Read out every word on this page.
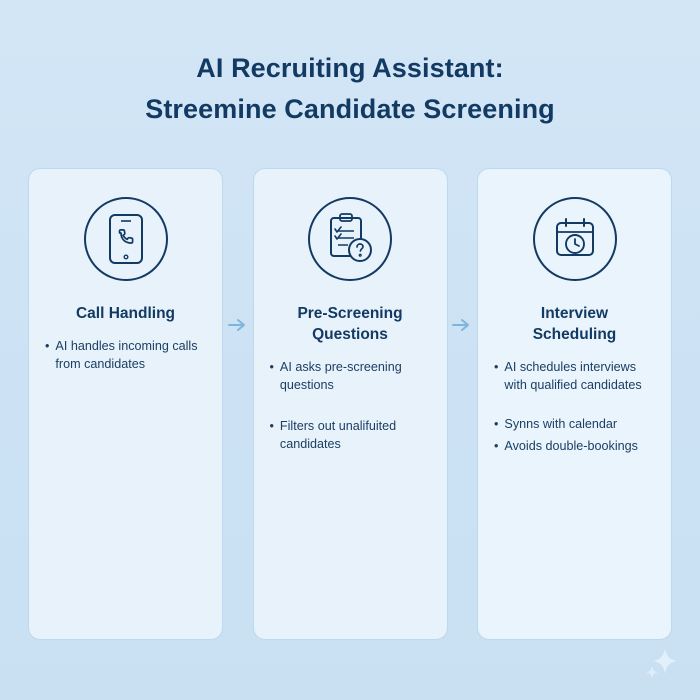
AI Recruiting Assistant:
Streemine Candidate Screening
Call Handling
• AI handles incoming calls from candidates
Pre-Screening
Questions
• AI asks pre-screening questions
• Filters out unalifuited candidates
Interview
Scheduling
• AI schedules interviews with qualified candidates
• Synns with calendar
• Avoids double-bookings
